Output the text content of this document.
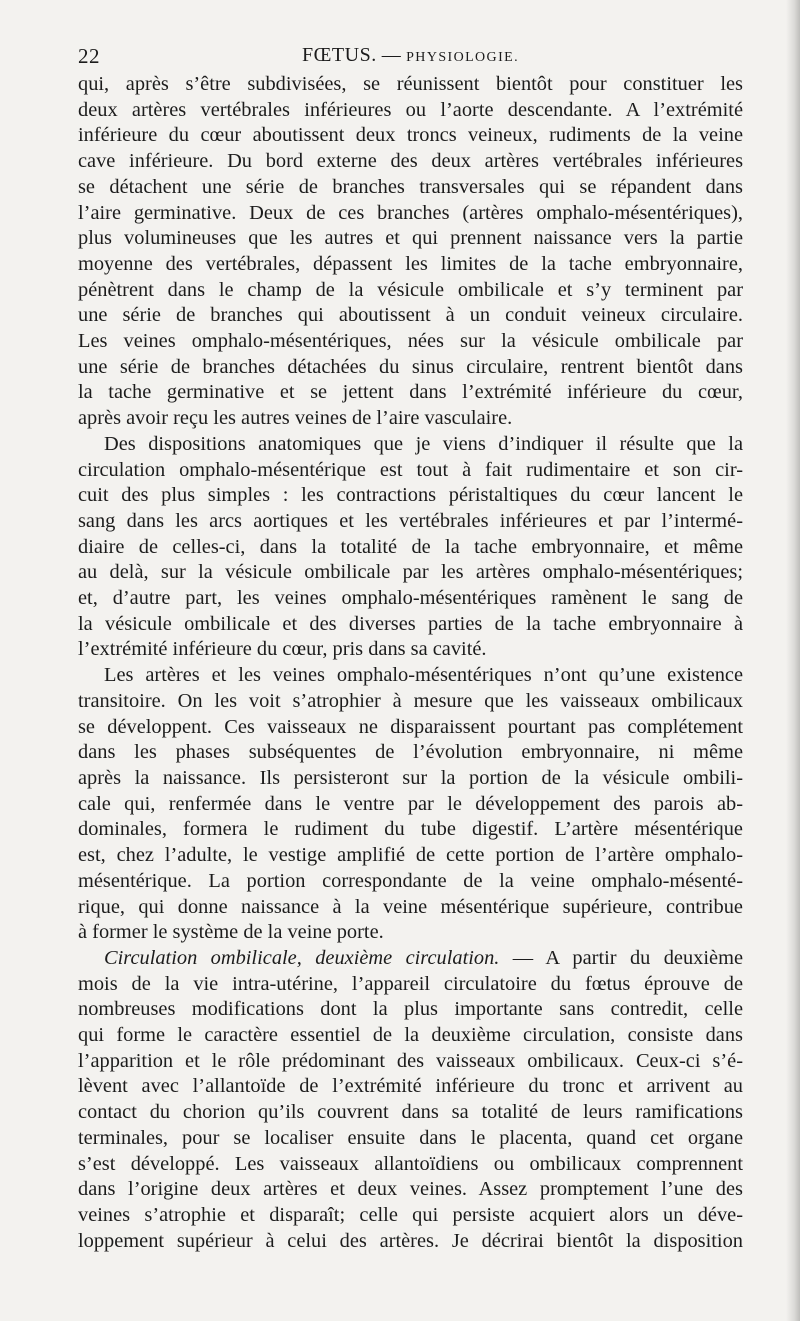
22	FŒTUS. — PHYSIOLOGIE.

qui, après s’être subdivisées, se réunissent bientôt pour constituer les

deux artères vertébrales inférieures ou l’aorte descendante. A l’extrémité

inférieure du cœur aboutissent deux troncs veineux, rudiments de la veine

cave inférieure. Du bord externe des deux artères vertébrales inférieures

se détachent une série de branches transversales qui se répandent dans

l’aire germinative. Deux de ces branches (artères omphalo-mésentériques),

plus volumineuses que les autres et qui prennent naissance vers la partie

moyenne des vertébrales, dépassent les limites de la tache embryonnaire,

pénètrent dans le champ de la vésicule ombilicale et s’y terminent par

une série de branches qui aboutissent à un conduit veineux circulaire.

Les veines omphalo-mésentériques, nées sur la vésicule ombilicale par

une série de branches détachées du sinus circulaire, rentrent bientôt dans

la tache germinative et se jettent dans l’extrémité inférieure du cœur,

après avoir reçu les autres veines de l’aire vasculaire.

Des dispositions anatomiques que je viens d’indiquer il résulte que la

circulation omphalo-mésentérique est tout à fait rudimentaire et son cir-

cuit des plus simples : les contractions péristaltiques du cœur lancent le

sang dans les arcs aortiques et les vertébrales inférieures et par l’intermé-

diaire de celles-ci, dans la totalité de la tache embryonnaire, et même

au delà, sur la vésicule ombilicale par les artères omphalo-mésentériques;

et, d’autre part, les veines omphalo-mésentériques ramènent le sang de

la vésicule ombilicale et des diverses parties de la tache embryonnaire à

l’extrémité inférieure du cœur, pris dans sa cavité.

Les artères et les veines omphalo-mésentériques n’ont qu’une existence

transitoire. On les voit s’atrophier à mesure que les vaisseaux ombilicaux

se développent. Ces vaisseaux ne disparaissent pourtant pas complétement

dans les phases subséquentes de l’évolution embryonnaire, ni même

après la naissance. Ils persisteront sur la portion de la vésicule ombili-

cale qui, renfermée dans le ventre par le développement des parois ab-

dominales, formera le rudiment du tube digestif. L’artère mésentérique

est, chez l’adulte, le vestige amplifié de cette portion de l’artère omphalo-

mésentérique. La portion correspondante de la veine omphalo-mésenté-

rique, qui donne naissance à la veine mésentérique supérieure, contribue

à former le système de la veine porte.

Circulation ombilicale, deuxième circulation. — A partir du deuxième

mois de la vie intra-utérine, l’appareil circulatoire du fœtus éprouve de

nombreuses modifications dont la plus importante sans contredit, celle

qui forme le caractère essentiel de la deuxième circulation, consiste dans

l’apparition et le rôle prédominant des vaisseaux ombilicaux. Ceux-ci s’é-

lèvent avec l’allantoïde de l’extrémité inférieure du tronc et arrivent au

contact du chorion qu’ils couvrent dans sa totalité de leurs ramifications

terminales, pour se localiser ensuite dans le placenta, quand cet organe

s’est développé. Les vaisseaux allantoïdiens ou ombilicaux comprennent

dans l’origine deux artères et deux veines. Assez promptement l’une des

veines s’atrophie et disparaît; celle qui persiste acquiert alors un déve-

loppement supérieur à celui des artères. Je décrirai bientôt la disposition
